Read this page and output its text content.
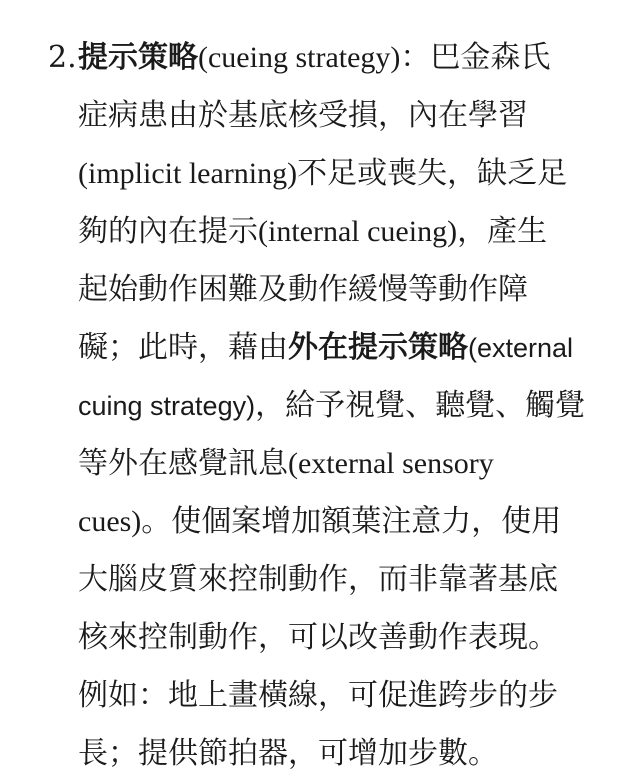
2. 提示策略(cueing strategy)：巴金森氏
症病患由於基底核受損，內在學習
(implicit learning)不足或喪失，缺乏足
夠的內在提示(internal cueing)，產生
起始動作困難及動作緩慢等動作障
礙；此時，藉由外在提示策略(external
cuing strategy)，給予視覺、聽覺、觸覺
等外在感覺訊息(external sensory
cues)。使個案增加額葉注意力，使用
大腦皮質來控制動作，而非靠著基底
核來控制動作，可以改善動作表現。
例如：地上畫橫線，可促進跨步的步
長；提供節拍器，可增加步數。
